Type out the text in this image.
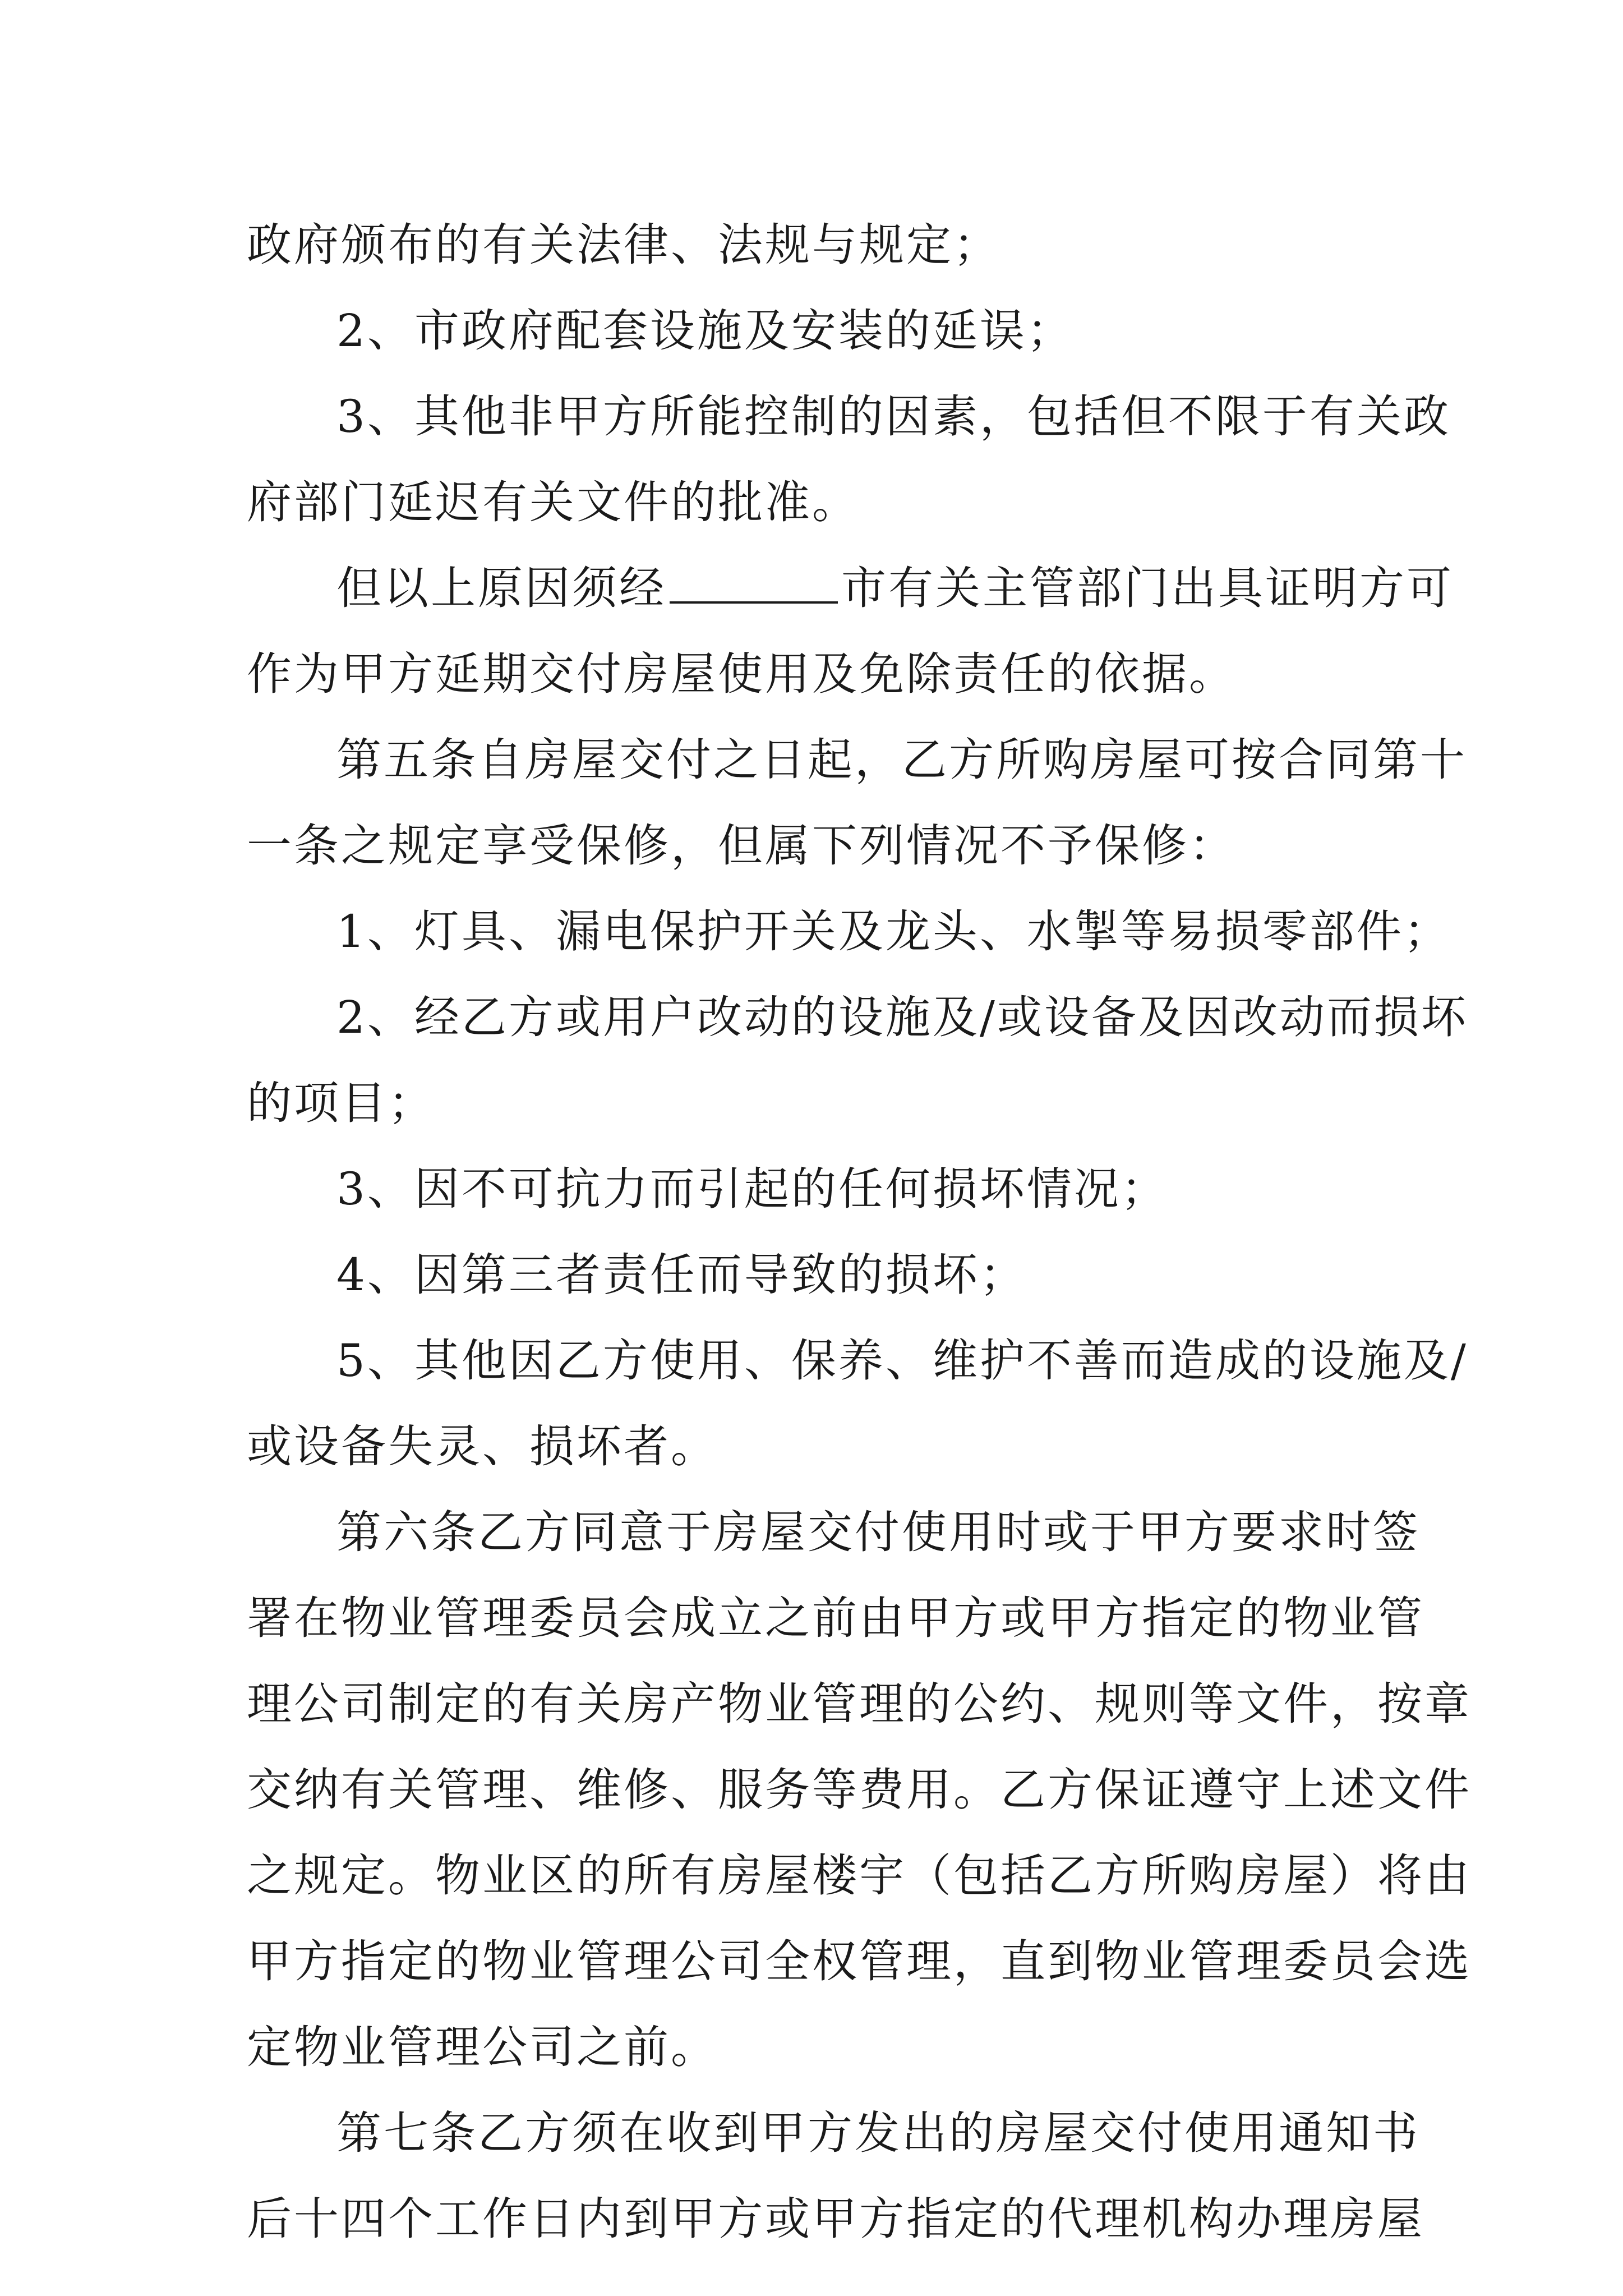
政府颁布的有关法律、法规与规定；
2、市政府配套设施及安装的延误；
3、其他非甲方所能控制的因素，包括但不限于有关政
府部门延迟有关文件的批准。
但以上原因须经	市有关主管部门出具证明方可
作为甲方延期交付房屋使用及免除责任的依据。
第五条自房屋交付之日起，乙方所购房屋可按合同第十
一条之规定享受保修，但属下列情况不予保修：
1、灯具、漏电保护开关及龙头、水掣等易损零部件；
2、经乙方或用户改动的设施及/或设备及因改动而损坏
的项目；
3、因不可抗力而引起的任何损坏情况；
4、因第三者责任而导致的损坏；
5、其他因乙方使用、保养、维护不善而造成的设施及/
或设备失灵、损坏者。
第六条乙方同意于房屋交付使用时或于甲方要求时签
署在物业管理委员会成立之前由甲方或甲方指定的物业管
理公司制定的有关房产物业管理的公约、规则等文件，按章
交纳有关管理、维修、服务等费用。乙方保证遵守上述文件
之规定。物业区的所有房屋楼宇（包括乙方所购房屋）将由
甲方指定的物业管理公司全权管理，直到物业管理委员会选
定物业管理公司之前。
第七条乙方须在收到甲方发出的房屋交付使用通知书
后十四个工作日内到甲方或甲方指定的代理机构办理房屋
